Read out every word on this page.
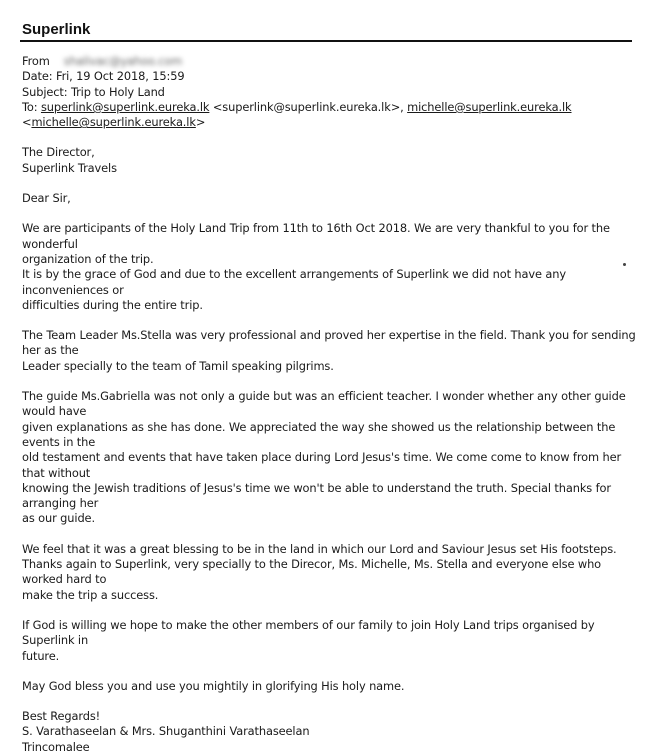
Superlink

From shalivac@yahoo.com

Date: Fri, 19 Oct 2018, 15:59

Subject: Trip to Holy Land

To: superlink@superlink.eureka.lk <superlink@superlink.eureka.lk>, michelle@superlink.eureka.lk

<michelle@superlink.eureka.lk>

The Director,

Superlink Travels

Dear Sir,

We are participants of the Holy Land Trip from 11th to 16th Oct 2018. We are very thankful to you for the wonderful

organization of the trip.

It is by the grace of God and due to the excellent arrangements of Superlink we did not have any inconveniences or

difficulties during the entire trip.

The Team Leader Ms.Stella was very professional and proved her expertise in the field. Thank you for sending her as the

Leader specially to the team of Tamil speaking pilgrims.

The guide Ms.Gabriella was not only a guide but was an efficient teacher. I wonder whether any other guide would have

given explanations as she has done. We appreciated the way she showed us the relationship between the events in the

old testament and events that have taken place during Lord Jesus's time. We come come to know from her that without

knowing the Jewish traditions of Jesus's time we won't be able to understand the truth. Special thanks for arranging her

as our guide.

We feel that it was a great blessing to be in the land in which our Lord and Saviour Jesus set His footsteps.

Thanks again to Superlink, very specially to the Direcor, Ms. Michelle, Ms. Stella and everyone else who worked hard to

make the trip a success.

If God is willing we hope to make the other members of our family to join Holy Land trips organised by Superlink in

future.

May God bless you and use you mightily in glorifying His holy name.

Best Regards!

S. Varathaseelan & Mrs. Shuganthini Varathaseelan

Trincomalee
